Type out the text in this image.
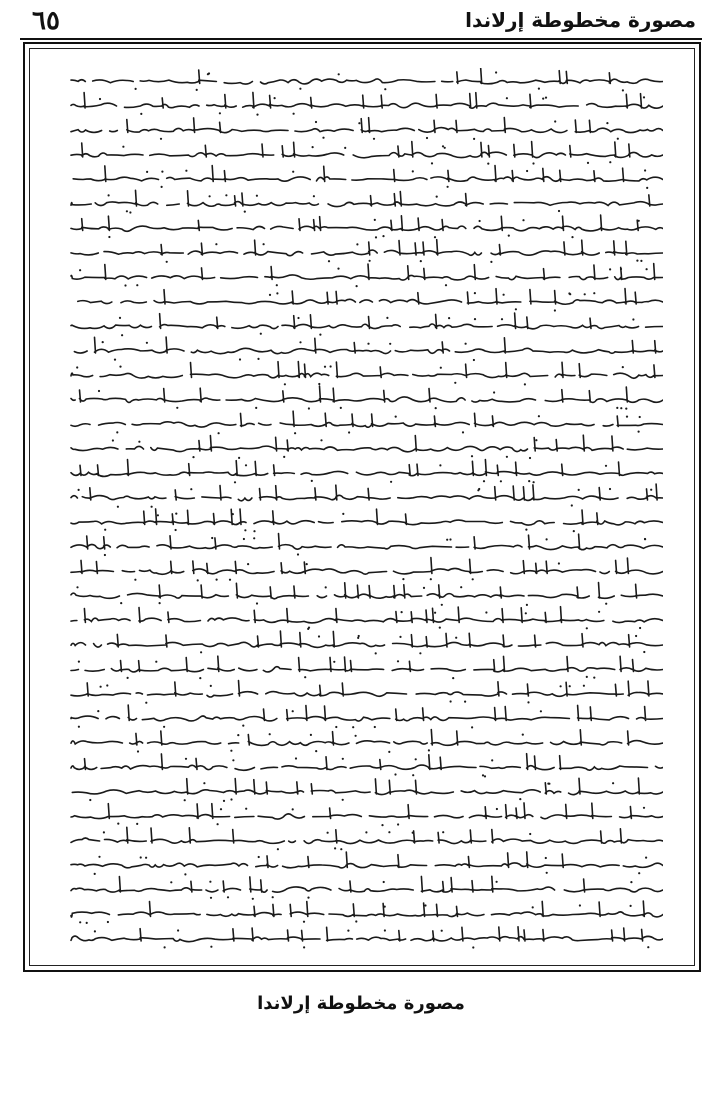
٦٥	مصورة مخطوطة إرلاندا
مصورة مخطوطة إرلاندا
